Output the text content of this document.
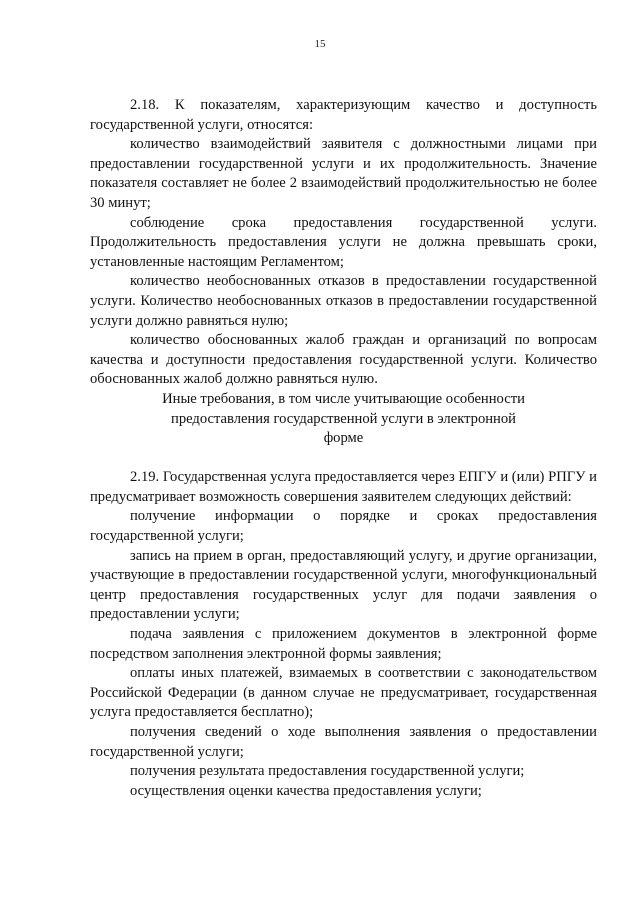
15

2.18. К показателям, характеризующим качество и доступность государственной услуги, относятся:

количество взаимодействий заявителя с должностными лицами при предоставлении государственной услуги и их продолжительность. Значение показателя составляет не более 2 взаимодействий продолжительностью не более 30 минут;

соблюдение срока предоставления государственной услуги. Продолжительность предоставления услуги не должна превышать сроки, установленные настоящим Регламентом;

количество необоснованных отказов в предоставлении государственной услуги. Количество необоснованных отказов в предоставлении государственной услуги должно равняться нулю;

количество обоснованных жалоб граждан и организаций по вопросам качества и доступности предоставления государственной услуги. Количество обоснованных жалоб должно равняться нулю.

Иные требования, в том числе учитывающие особенности предоставления государственной услуги в электронной форме

2.19. Государственная услуга предоставляется через ЕПГУ и (или) РПГУ и предусматривает возможность совершения заявителем следующих действий:

получение информации о порядке и сроках предоставления государственной услуги;

запись на прием в орган, предоставляющий услугу, и другие организации, участвующие в предоставлении государственной услуги, многофункциональный центр предоставления государственных услуг для подачи заявления о предоставлении услуги;

подача заявления с приложением документов в электронной форме посредством заполнения электронной формы заявления;

оплаты иных платежей, взимаемых в соответствии с законодательством Российской Федерации (в данном случае не предусматривает, государственная услуга предоставляется бесплатно);

получения сведений о ходе выполнения заявления о предоставлении государственной услуги;

получения результата предоставления государственной услуги;

осуществления оценки качества предоставления услуги;
